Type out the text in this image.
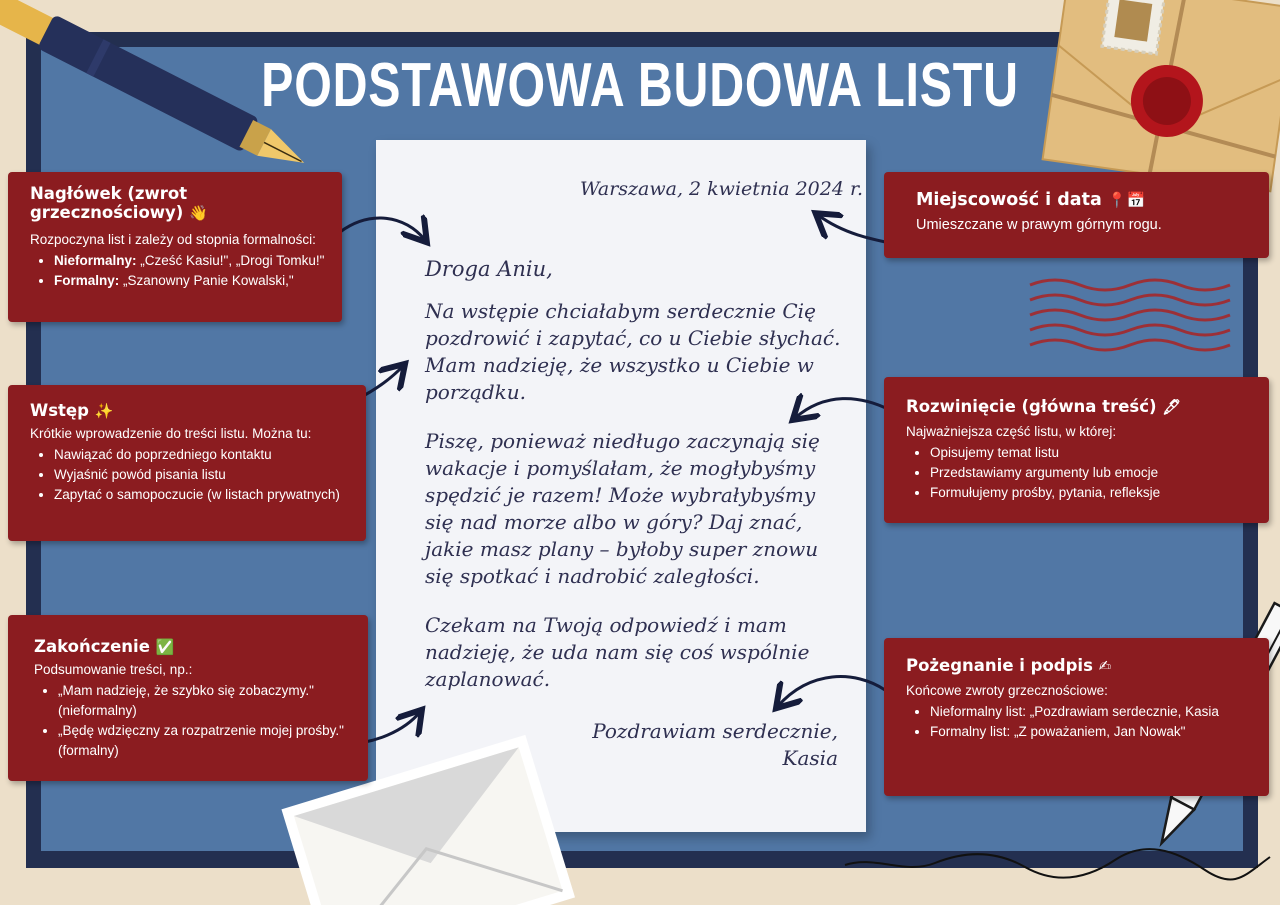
PODSTAWOWA BUDOWA LISTU
Warszawa, 2 kwietnia 2024 r.
Droga Aniu,
Na wstępie chciałabym serdecznie Cię pozdrowić i zapytać, co u Ciebie słychać. Mam nadzieję, że wszystko u Ciebie w porządku.
Piszę, ponieważ niedługo zaczynają się wakacje i pomyślałam, że mogłybyśmy spędzić je razem! Może wybrałybyśmy się nad morze albo w góry? Daj znać, jakie masz plany – byłoby super znowu się spotkać i nadrobić zaległości.
Czekam na Twoją odpowiedź i mam nadzieję, że uda nam się coś wspólnie zaplanować.
Pozdrawiam serdecznie,
Kasia
Nagłówek (zwrot grzecznościowy) 👋

Rozpoczyna list i zależy od stopnia formalności:

• Nieformalny: „Cześć Kasiu!", „Drogi Tomku!"
• Formalny: „Szanowny Panie Kowalski,"
Wstęp ✨

Krótkie wprowadzenie do treści listu. Można tu:

• Nawiązać do poprzedniego kontaktu
• Wyjaśnić powód pisania listu
• Zapytać o samopoczucie (w listach prywatnych)
Zakończenie ✅

Podsumowanie treści, np.:

• „Mam nadzieję, że szybko się zobaczymy." (nieformalny)
• „Będę wdzięczny za rozpatrzenie mojej prośby." (formalny)
Miejscowość i data 📍📅

Umieszczane w prawym górnym rogu.

Rozwinięcie (główna treść) 🖋

Najważniejsza część listu, w której:

• Opisujemy temat listu
• Przedstawiamy argumenty lub emocje
• Formułujemy prośby, pytania, refleksje
Pożegnanie i podpis ✍

Końcowe zwroty grzecznościowe:

• Nieformalny list: „Pozdrawiam serdecznie, Kasia
• Formalny list: „Z poważaniem, Jan Nowak"
